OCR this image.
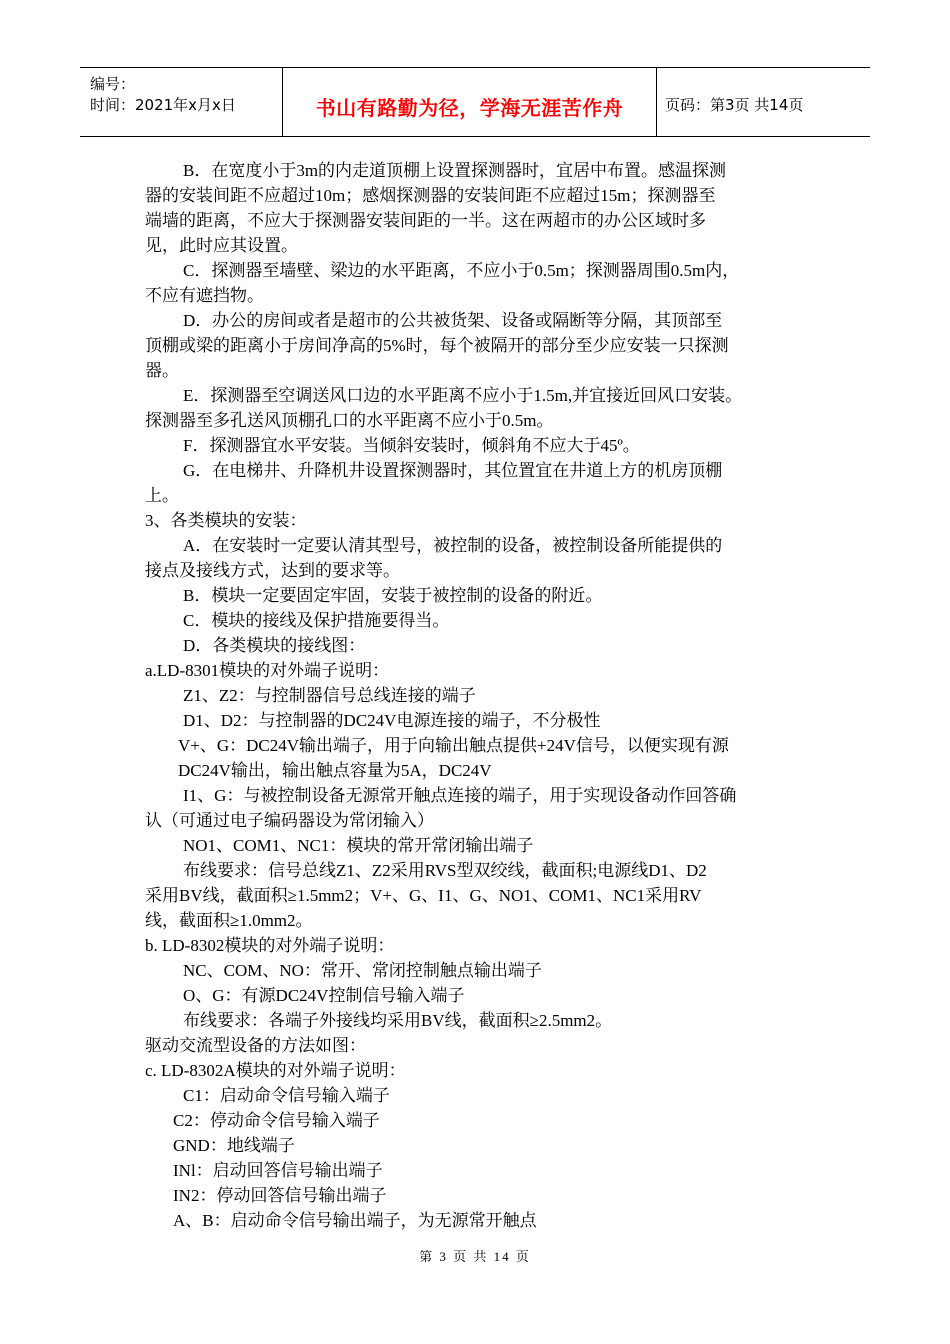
编号：
时间：2021年x月x日	书山有路勤为径，学海无涯苦作舟	页码：第3页 共14页
B．在宽度小于3m的内走道顶棚上设置探测器时，宜居中布置。感温探测
器的安装间距不应超过10m；感烟探测器的安装间距不应超过15m；探测器至
端墙的距离，不应大于探测器安装间距的一半。这在两超市的办公区域时多
见，此时应其设置。
C．探测器至墙壁、梁边的水平距离，不应小于0.5m；探测器周围0.5m内，
不应有遮挡物。
D．办公的房间或者是超市的公共被货架、设备或隔断等分隔，其顶部至
顶棚或梁的距离小于房间净高的5%时，每个被隔开的部分至少应安装一只探测
器。
E．探测器至空调送风口边的水平距离不应小于1.5m,并宜接近回风口安装。
探测器至多孔送风顶棚孔口的水平距离不应小于0.5m。
F．探测器宜水平安装。当倾斜安装时，倾斜角不应大于45º。
G．在电梯井、升降机井设置探测器时，其位置宜在井道上方的机房顶棚
上。
3、各类模块的安装：
A．在安装时一定要认清其型号，被控制的设备，被控制设备所能提供的
接点及接线方式，达到的要求等。
B．模块一定要固定牢固，安装于被控制的设备的附近。
C．模块的接线及保护措施要得当。
D．各类模块的接线图：
a.LD-8301模块的对外端子说明：
Z1、Z2：与控制器信号总线连接的端子
D1、D2：与控制器的DC24V电源连接的端子，不分极性
V+、G：DC24V输出端子，用于向输出触点提供+24V信号，以便实现有源
DC24V输出，输出触点容量为5A，DC24V
I1、G：与被控制设备无源常开触点连接的端子，用于实现设备动作回答确
认（可通过电子编码器设为常闭输入）
NO1、COM1、NC1：模块的常开常闭输出端子
布线要求：信号总线Z1、Z2采用RVS型双绞线，截面积;电源线D1、D2
采用BV线，截面积≥1.5mm2；V+、G、I1、G、NO1、COM1、NC1采用RV
线，截面积≥1.0mm2。
b. LD-8302模块的对外端子说明：
NC、COM、NO：常开、常闭控制触点输出端子
O、G：有源DC24V控制信号输入端子
布线要求：各端子外接线均采用BV线，截面积≥2.5mm2。
驱动交流型设备的方法如图：
c. LD-8302A模块的对外端子说明：
C1：启动命令信号输入端子
C2：停动命令信号输入端子
GND：地线端子
INl：启动回答信号输出端子
IN2：停动回答信号输出端子
A、B：启动命令信号输出端子，为无源常开触点
第 3 页 共 14 页
